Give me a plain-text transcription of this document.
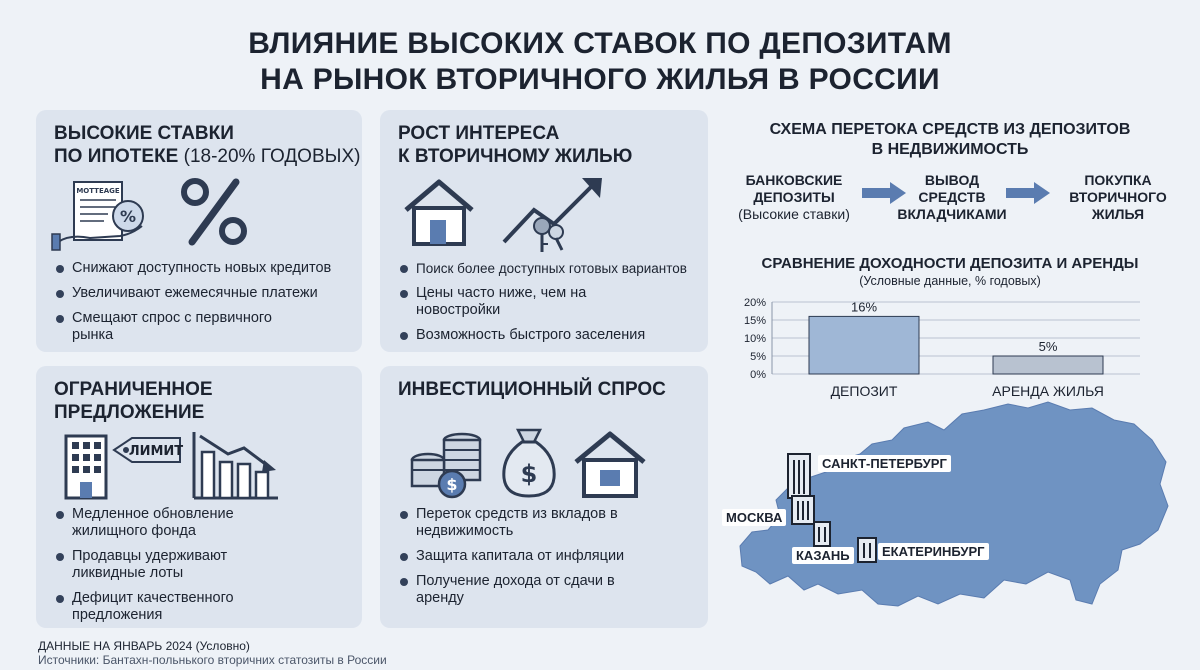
ВЛИЯНИЕ ВЫСОКИХ СТАВОК ПО ДЕПОЗИТАМ
НА РЫНОК ВТОРИЧНОГО ЖИЛЬЯ В РОССИИ
ВЫСОКИЕ СТАВКИ
ПО ИПОТЕКЕ (18-20% ГОДОВЫХ)
MOTTEAGE
%
Снижают доступность новых кредитов
Увеличивают ежемесячные платежи
Смещают спрос с первичного рынка
РОСТ ИНТЕРЕСА
К ВТОРИЧНОМУ ЖИЛЬЮ
Поиск более доступных готовых вариантов
Цены часто ниже, чем на новостройки
Возможность быстрого заселения
ОГРАНИЧЕННОЕ
ПРЕДЛОЖЕНИЕ
ЛИМИТ
Медленное обновление жилищного фонда
Продавцы удерживают ликвидные лоты
Дефицит качественного предложения
ИНВЕСТИЦИОННЫЙ СПРОС
$	$
Переток средств из вкладов в недвижимость
Защита капитала от инфляции
Получение дохода от сдачи в аренду
СХЕМА ПЕРЕТОКА СРЕДСТВ ИЗ ДЕПОЗИТОВ
В НЕДВИЖИМОСТЬ
БАНКОВСКИЕ
ДЕПОЗИТЫ
(Высокие ставки)
ВЫВОД
СРЕДСТВ
ВКЛАДЧИКАМИ
ПОКУПКА
ВТОРИЧНОГО
ЖИЛЬЯ
СРАВНЕНИЕ ДОХОДНОСТИ ДЕПОЗИТА И АРЕНДЫ
(Условные данные, % годовых)
0%
5%
10%
15%
20%	16%
ДЕПОЗИТ
5%
АРЕНДА ЖИЛЬЯ
САНКТ-ПЕТЕРБУРГ
МОСКВА
КАЗАНЬ	ЕКАТЕРИНБУРГ
ДАННЫЕ НА ЯНВАРЬ 2024 (Условно)
Источники: Бантахн-польнького вторичних статозиты в России
